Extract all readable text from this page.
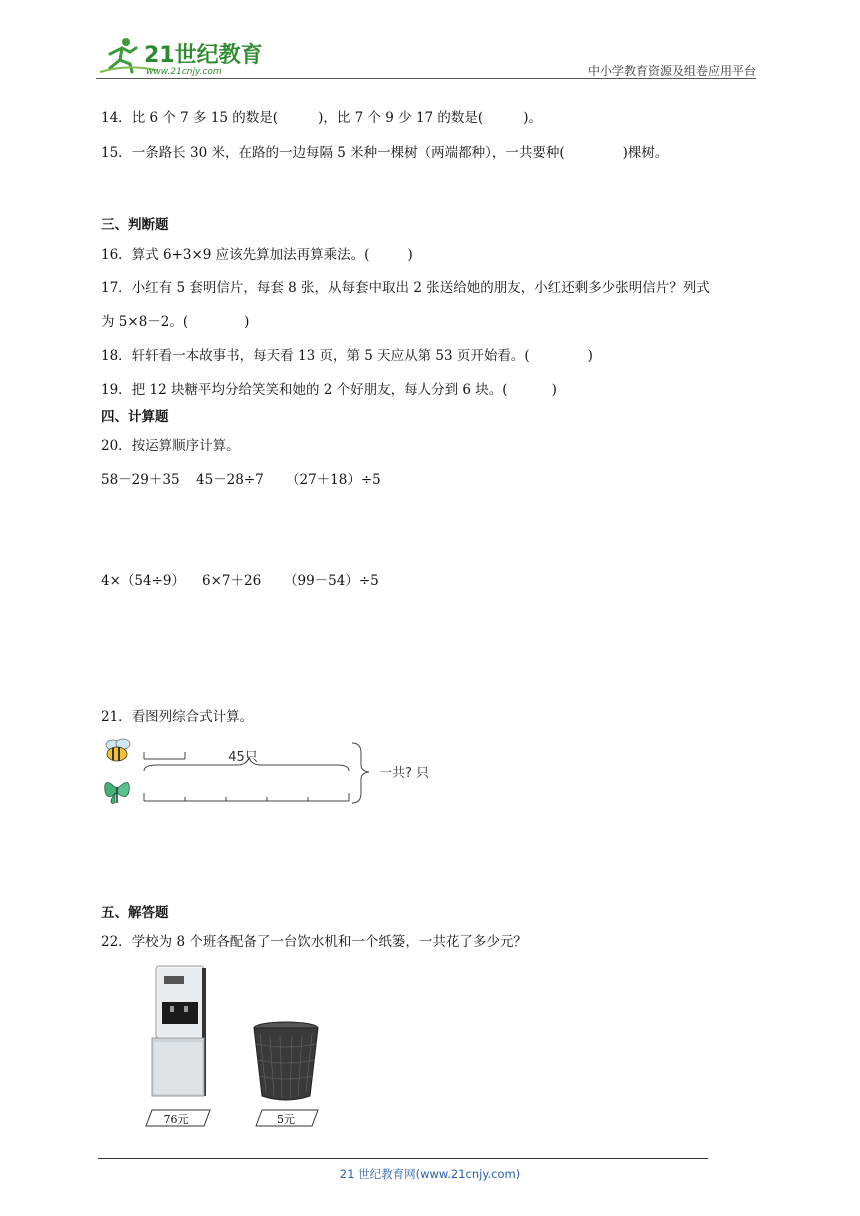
21世纪教育
www.21cnjy.com	中小学教育资源及组卷应用平台
14．比 6 个 7 多 15 的数是(	)，比 7 个 9 少 17 的数是(	)。
15．一条路长 30 米，在路的一边每隔 5 米种一棵树（两端都种），一共要种(	)棵树。
三、判断题
16．算式 6+3×9 应该先算加法再算乘法。(	)
17．小红有 5 套明信片，每套 8 张，从每套中取出 2 张送给她的朋友，小红还剩多少张明信片？列式
为 5×8－2。(	)
18．轩轩看一本故事书，每天看 13 页，第 5 天应从第 53 页开始看。(	)
19．把 12 块糖平均分给笑笑和她的 2 个好朋友，每人分到 6 块。(	)
四、计算题
20．按运算顺序计算。
58－29＋35 45－28÷7 （27＋18）÷5
4×（54÷9） 6×7＋26 （99－54）÷5
21．看图列综合式计算。
45只
一共? 只
五、解答题
22．学校为 8 个班各配备了一台饮水机和一个纸篓，一共花了多少元？
76元	5元
21 世纪教育网(www.21cnjy.com)
